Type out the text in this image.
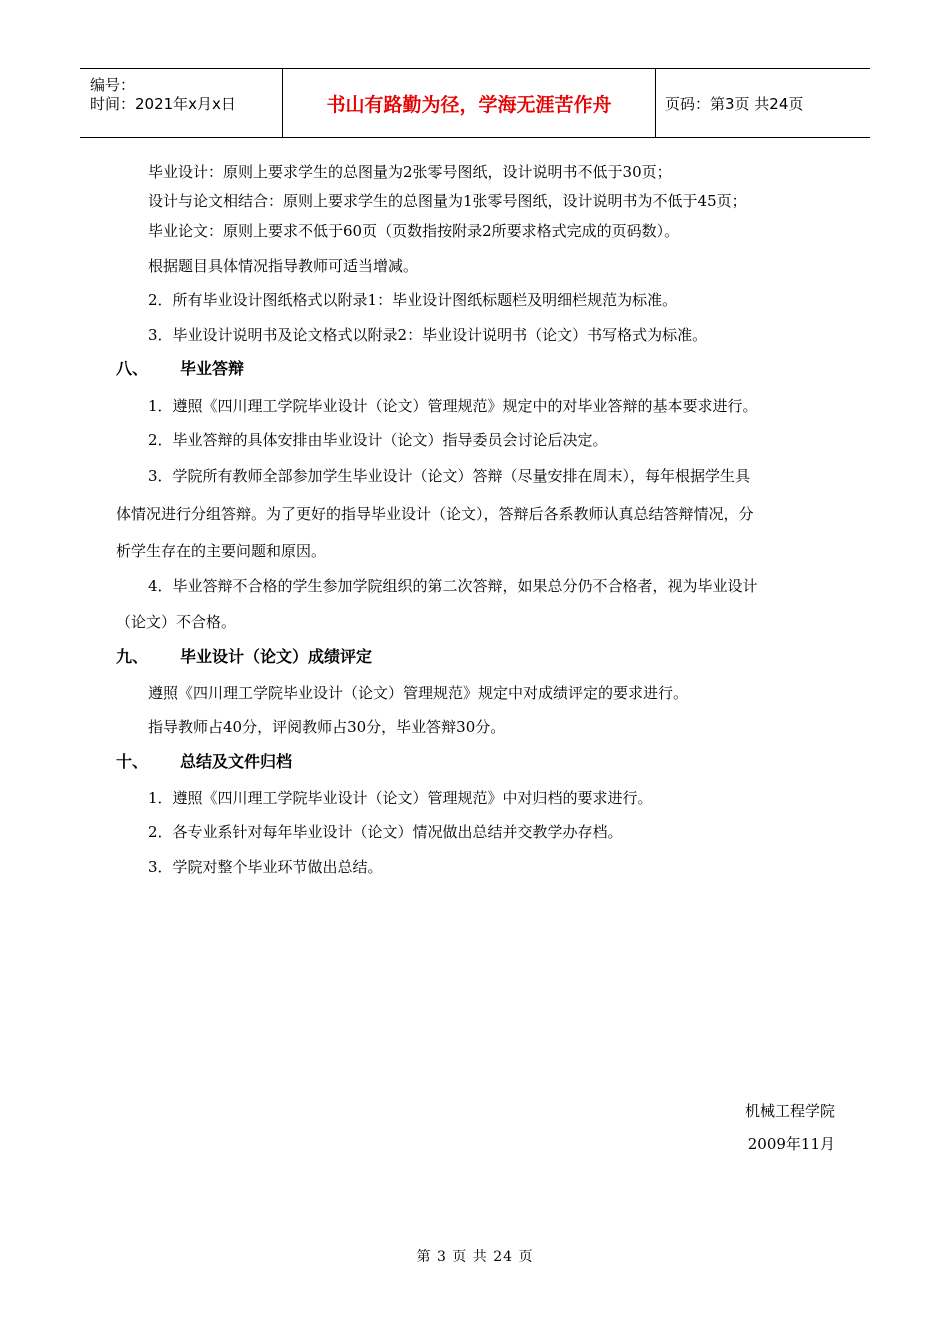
编号：
时间：2021年x月x日	书山有路勤为径，学海无涯苦作舟	页码：第3页 共24页
毕业设计：原则上要求学生的总图量为2张零号图纸，设计说明书不低于30页；
设计与论文相结合：原则上要求学生的总图量为1张零号图纸，设计说明书为不低于45页；
毕业论文：原则上要求不低于60页（页数指按附录2所要求格式完成的页码数）。
根据题目具体情况指导教师可适当增减。
2．所有毕业设计图纸格式以附录1：毕业设计图纸标题栏及明细栏规范为标准。
3．毕业设计说明书及论文格式以附录2：毕业设计说明书（论文）书写格式为标准。
八、 毕业答辩
1．遵照《四川理工学院毕业设计（论文）管理规范》规定中的对毕业答辩的基本要求进行。
2．毕业答辩的具体安排由毕业设计（论文）指导委员会讨论后决定。
3．学院所有教师全部参加学生毕业设计（论文）答辩（尽量安排在周末），每年根据学生具
体情况进行分组答辩。为了更好的指导毕业设计（论文），答辩后各系教师认真总结答辩情况，分
析学生存在的主要问题和原因。
4．毕业答辩不合格的学生参加学院组织的第二次答辩，如果总分仍不合格者，视为毕业设计
（论文）不合格。
九、 毕业设计（论文）成绩评定
遵照《四川理工学院毕业设计（论文）管理规范》规定中对成绩评定的要求进行。
指导教师占40分，评阅教师占30分，毕业答辩30分。
十、 总结及文件归档
1．遵照《四川理工学院毕业设计（论文）管理规范》中对归档的要求进行。
2．各专业系针对每年毕业设计（论文）情况做出总结并交教学办存档。
3．学院对整个毕业环节做出总结。
机械工程学院
2009年11月
第 3 页 共 24 页
